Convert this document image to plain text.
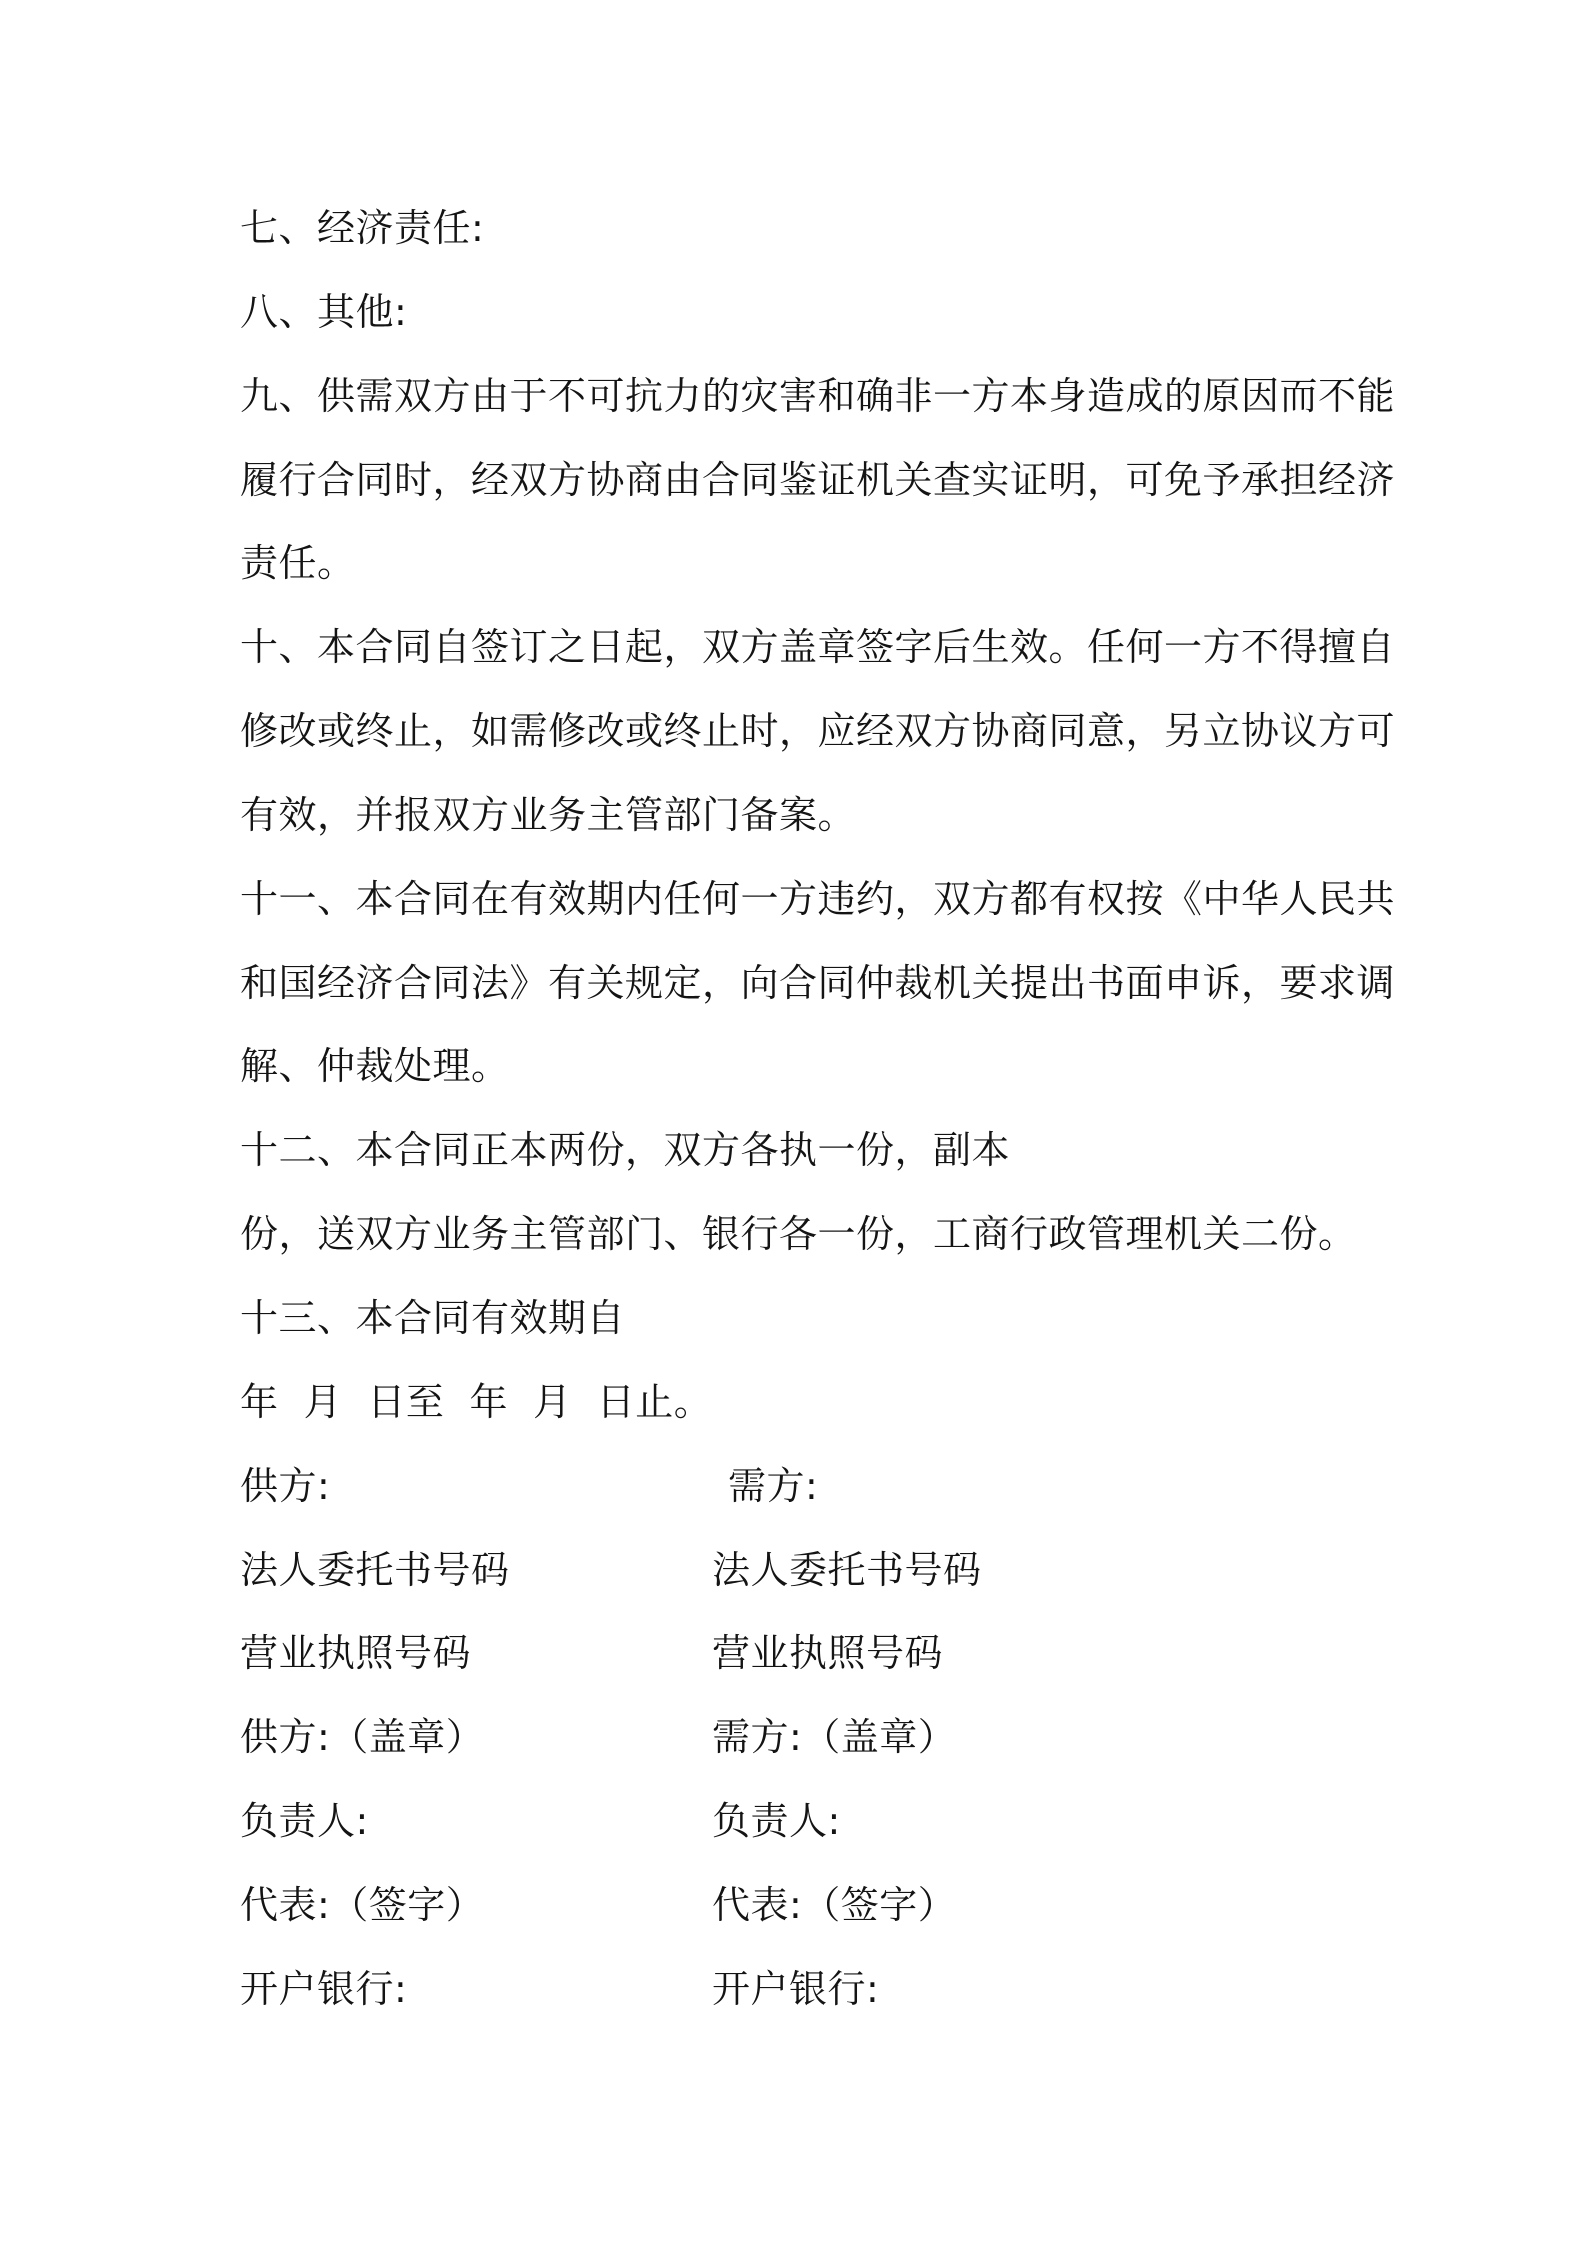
七、经济责任:
八、其他:
九、供需双方由于不可抗力的灾害和确非一方本身造成的原因而不能
履行合同时，经双方协商由合同鉴证机关查实证明，可免予承担经济
责任。
十、本合同自签订之日起，双方盖章签字后生效。任何一方不得擅自
修改或终止，如需修改或终止时，应经双方协商同意，另立协议方可
有效，并报双方业务主管部门备案。
十一、本合同在有效期内任何一方违约，双方都有权按《中华人民共
和国经济合同法》有关规定，向合同仲裁机关提出书面申诉，要求调
解、仲裁处理。
十二、本合同正本两份，双方各执一份，副本
份，送双方业务主管部门、银行各一份，工商行政管理机关二份。
十三、本合同有效期自
年  月  日至  年  月  日止。
供方:
法人委托书号码
营业执照号码
供方:（盖章）
负责人:
代表:（签字）
开户银行:
需方:
法人委托书号码
营业执照号码
需方:（盖章）
负责人:
代表:（签字）
开户银行:
